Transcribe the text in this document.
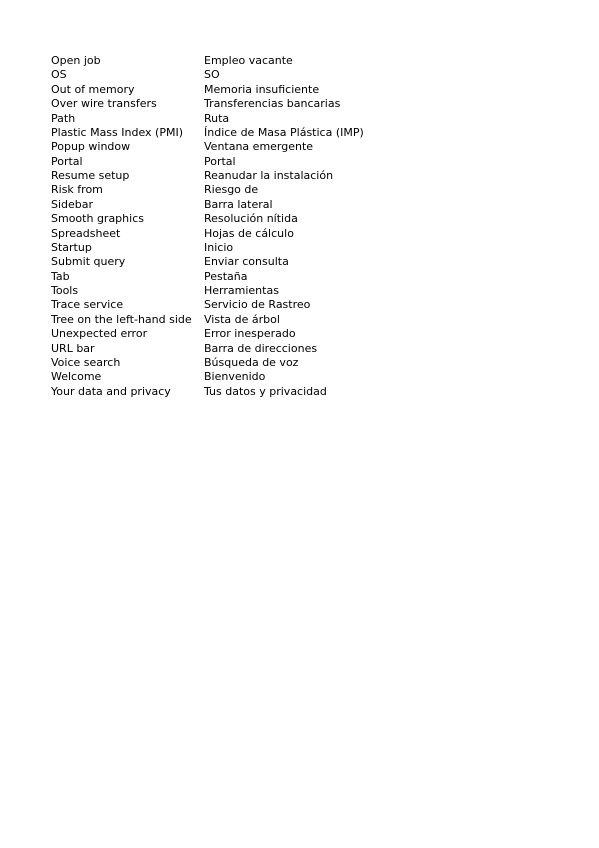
Open job	Empleo vacante
OS	SO
Out of memory	Memoria insuficiente
Over wire transfers	Transferencias bancarias
Path	Ruta
Plastic Mass Index (PMI)	Índice de Masa Plástica (IMP)
Popup window	Ventana emergente
Portal	Portal
Resume setup	Reanudar la instalación
Risk from	Riesgo de
Sidebar	Barra lateral
Smooth graphics	Resolución nítida
Spreadsheet	Hojas de cálculo
Startup	Inicio
Submit query	Enviar consulta
Tab	Pestaña
Tools	Herramientas
Trace service	Servicio de Rastreo
Tree on the left-hand side	Vista de árbol
Unexpected error	Error inesperado
URL bar	Barra de direcciones
Voice search	Búsqueda de voz
Welcome	Bienvenido
Your data and privacy	Tus datos y privacidad
